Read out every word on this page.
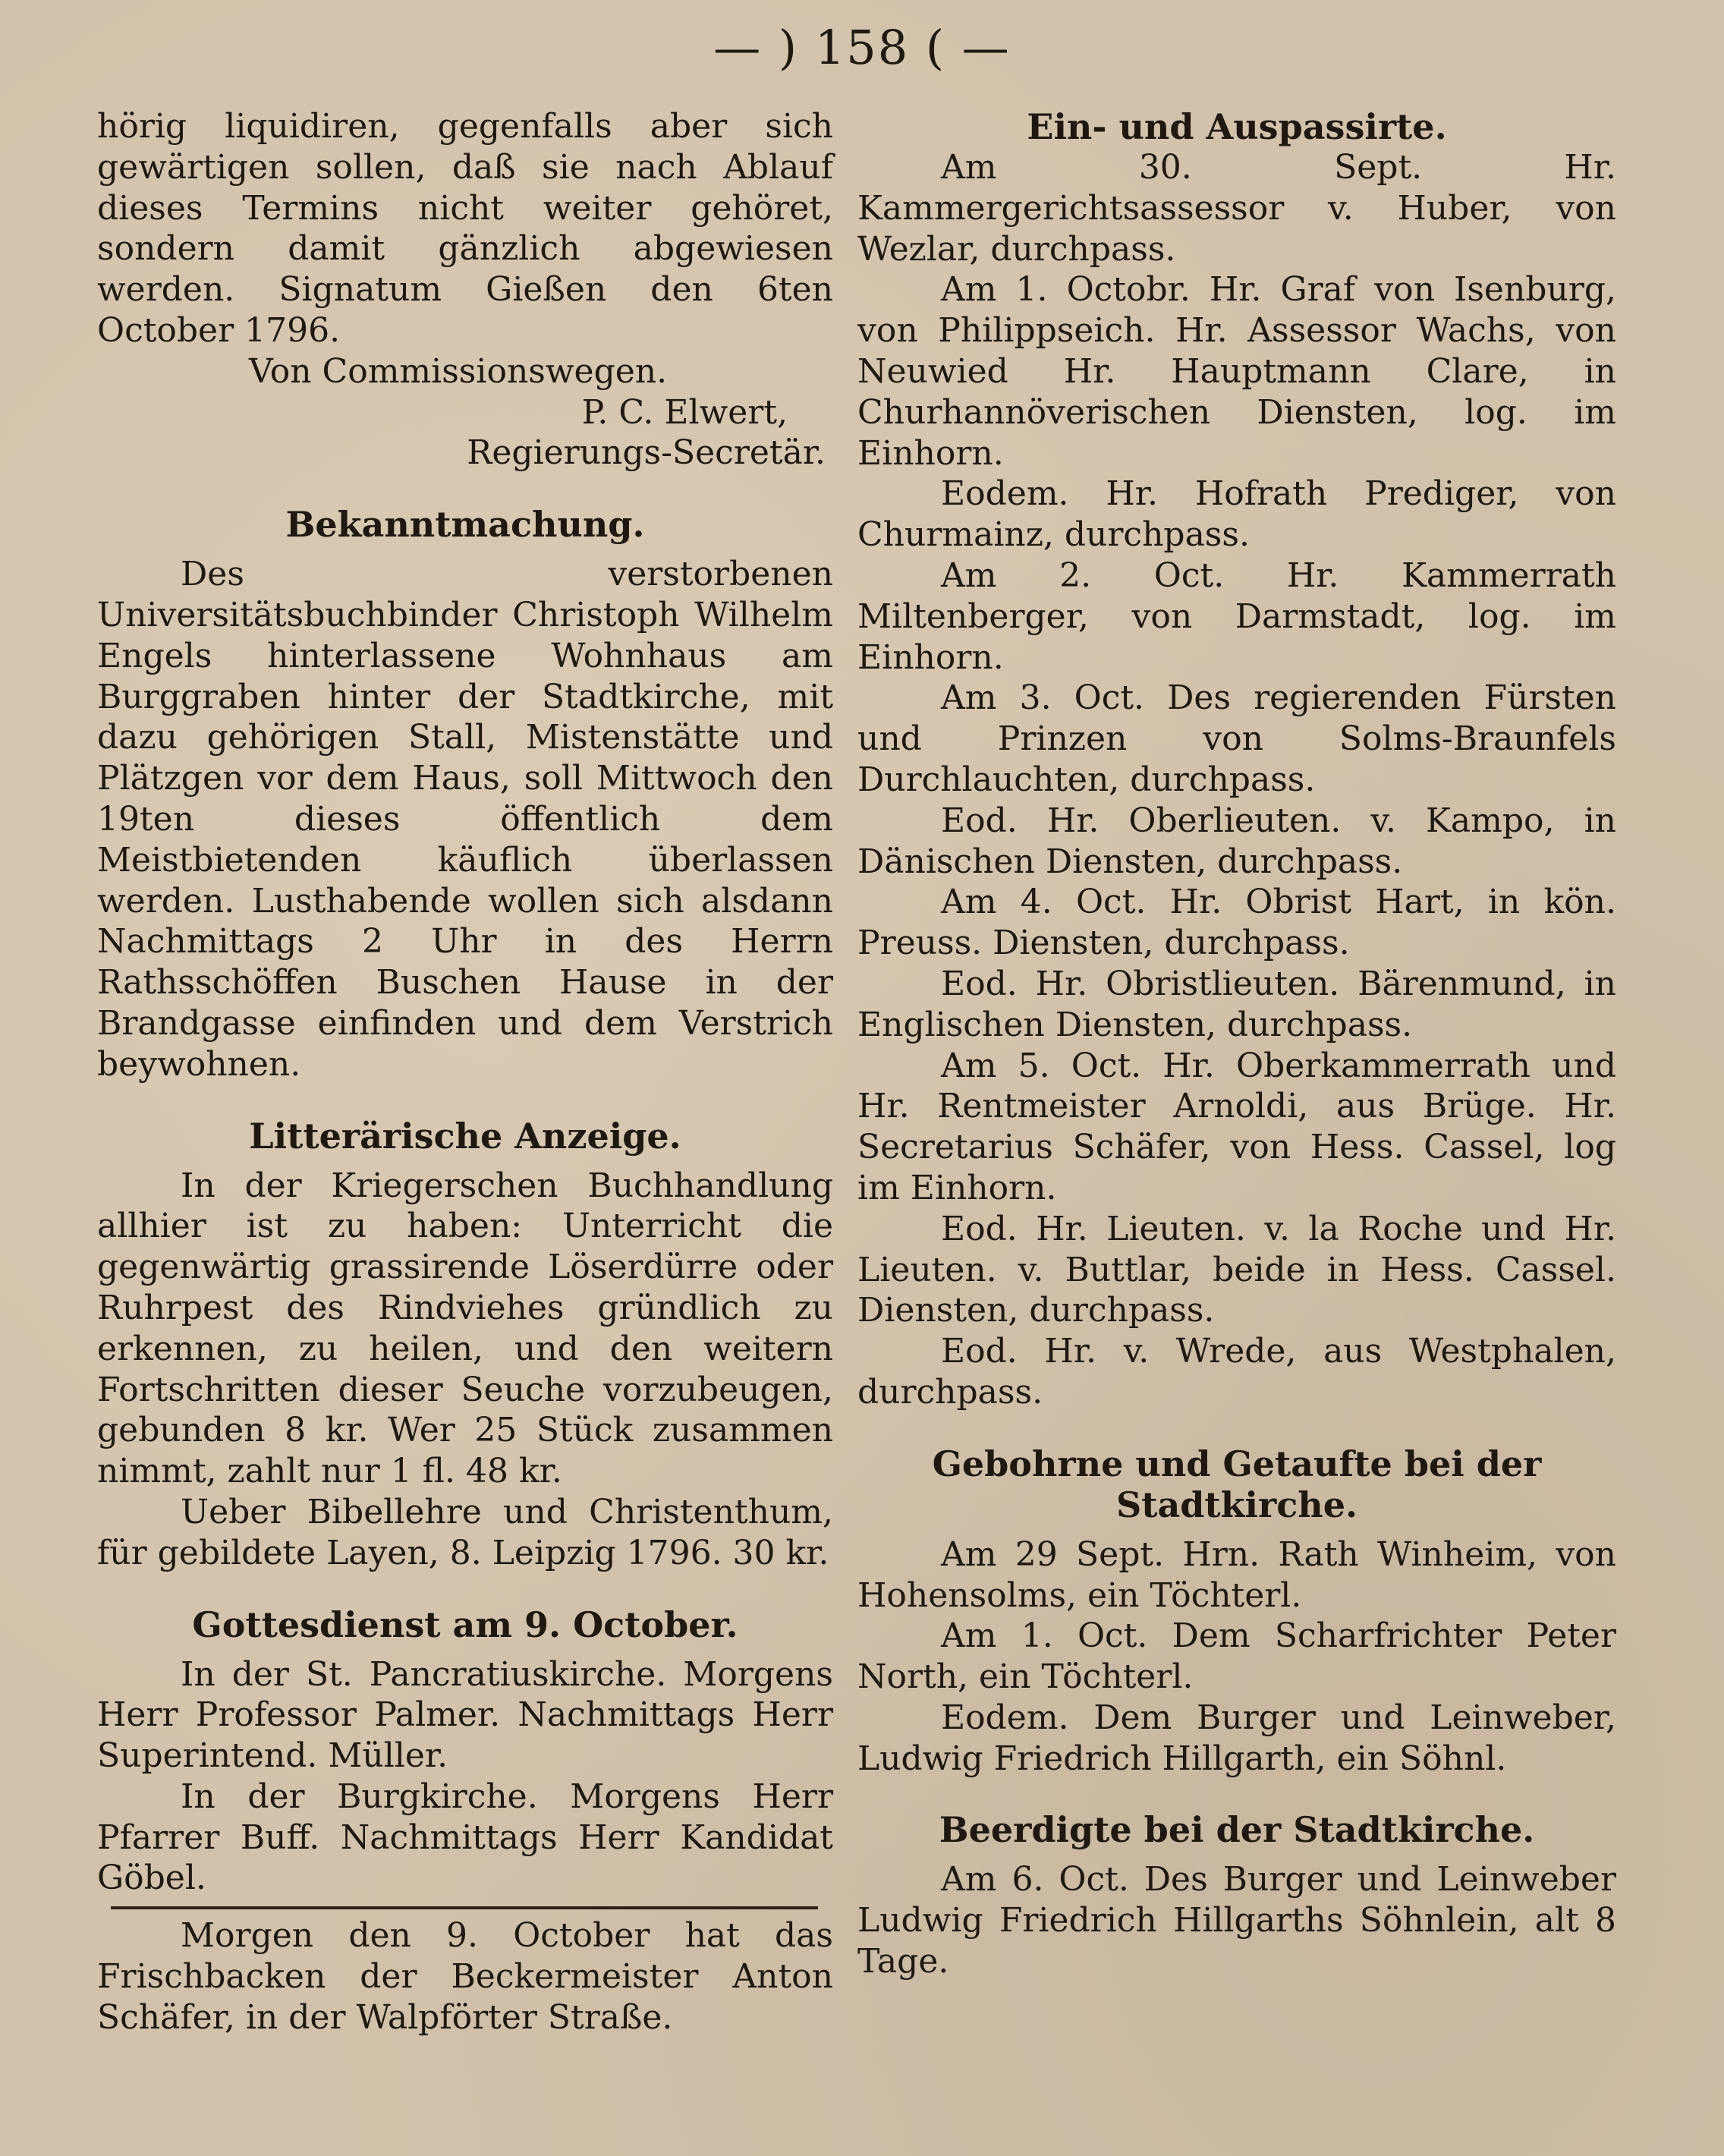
— ) 158 ( —

hörig liquidiren, gegenfalls aber sich gewärtigen sollen, daß sie nach Ablauf dieses Termins nicht weiter gehöret, sondern damit gänzlich abgewiesen werden. Signatum Gießen den 6ten October 1796.

Von Commissionswegen.

P. C. Elwert,

Regierungs-Secretär.

Bekanntmachung.

Des verstorbenen Universitätsbuchbinder Christoph Wilhelm Engels hinterlassene Wohnhaus am Burggraben hinter der Stadtkirche, mit dazu gehörigen Stall, Mistenstätte und Plätzgen vor dem Haus, soll Mittwoch den 19ten dieses öffentlich dem Meistbietenden käuflich überlassen werden. Lusthabende wollen sich alsdann Nachmittags 2 Uhr in des Herrn Rathsschöffen Buschen Hause in der Brandgasse einfinden und dem Verstrich beywohnen.

Litterärische Anzeige.

In der Kriegerschen Buchhandlung allhier ist zu haben: Unterricht die gegenwärtig grassirende Löserdürre oder Ruhrpest des Rindviehes gründlich zu erkennen, zu heilen, und den weitern Fortschritten dieser Seuche vorzubeugen, gebunden 8 kr. Wer 25 Stück zusammen nimmt, zahlt nur 1 fl. 48 kr.

Ueber Bibellehre und Christenthum, für gebildete Layen, 8. Leipzig 1796. 30 kr.

Gottesdienst am 9. October.

In der St. Pancratiuskirche. Morgens Herr Professor Palmer. Nachmittags Herr Superintend. Müller.

In der Burgkirche. Morgens Herr Pfarrer Buff. Nachmittags Herr Kandidat Göbel.

Morgen den 9. October hat das Frischbacken der Beckermeister Anton Schäfer, in der Walpförter Straße.

Ein- und Auspassirte.

Am 30. Sept. Hr. Kammergerichtsassessor v. Huber, von Wezlar, durchpass.

Am 1. Octobr. Hr. Graf von Isenburg, von Philippseich. Hr. Assessor Wachs, von Neuwied Hr. Hauptmann Clare, in Churhannöverischen Diensten, log. im Einhorn.

Eodem. Hr. Hofrath Prediger, von Churmainz, durchpass.

Am 2. Oct. Hr. Kammerrath Miltenberger, von Darmstadt, log. im Einhorn.

Am 3. Oct. Des regierenden Fürsten und Prinzen von Solms-Braunfels Durchlauchten, durchpass.

Eod. Hr. Oberlieuten. v. Kampo, in Dänischen Diensten, durchpass.

Am 4. Oct. Hr. Obrist Hart, in kön. Preuss. Diensten, durchpass.

Eod. Hr. Obristlieuten. Bärenmund, in Englischen Diensten, durchpass.

Am 5. Oct. Hr. Oberkammerrath und Hr. Rentmeister Arnoldi, aus Brüge. Hr. Secretarius Schäfer, von Hess. Cassel, log im Einhorn.

Eod. Hr. Lieuten. v. la Roche und Hr. Lieuten. v. Buttlar, beide in Hess. Cassel. Diensten, durchpass.

Eod. Hr. v. Wrede, aus Westphalen, durchpass.

Gebohrne und Getaufte bei der Stadtkirche.

Am 29 Sept. Hrn. Rath Winheim, von Hohensolms, ein Töchterl.

Am 1. Oct. Dem Scharfrichter Peter North, ein Töchterl.

Eodem. Dem Burger und Leinweber, Ludwig Friedrich Hillgarth, ein Söhnl.

Beerdigte bei der Stadtkirche.

Am 6. Oct. Des Burger und Leinweber Ludwig Friedrich Hillgarths Söhnlein, alt 8 Tage.
